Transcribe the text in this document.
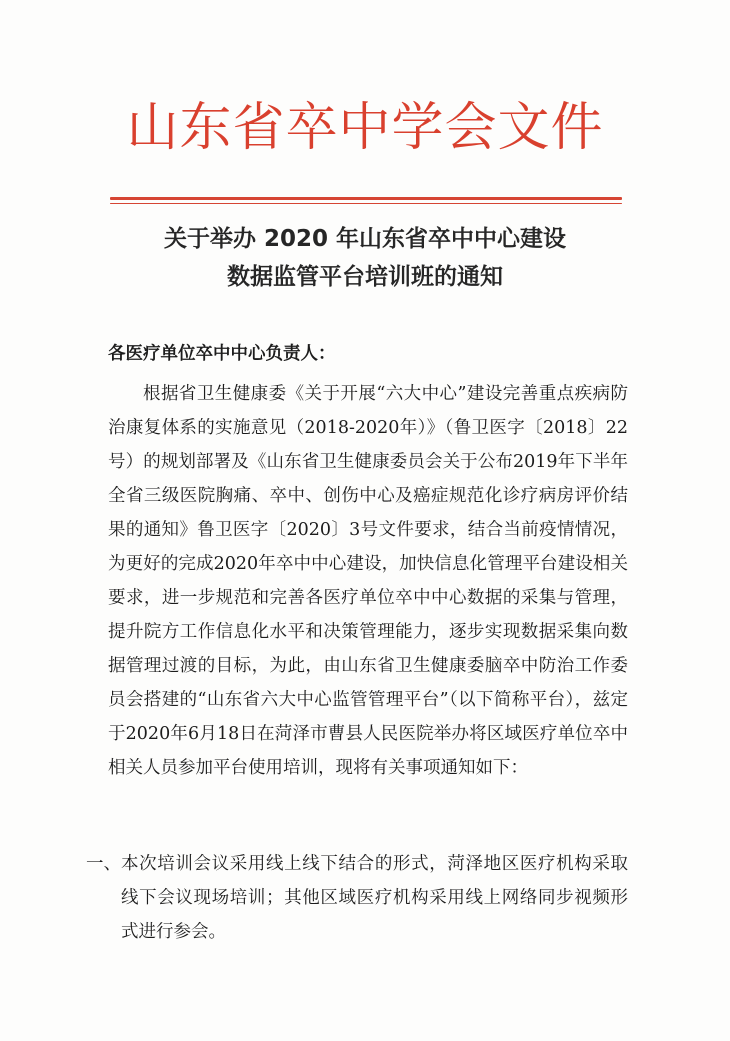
山东省卒中学会文件
关于举办 2020 年山东省卒中中心建设
数据监管平台培训班的通知
各医疗单位卒中中心负责人：

根据省卫生健康委《关于开展“六大中心”建设完善重点疾病防治康复体系的实施意见（2018-2020年）》（鲁卫医字〔2018〕22号）的规划部署及《山东省卫生健康委员会关于公布2019年下半年全省三级医院胸痛、卒中、创伤中心及癌症规范化诊疗病房评价结果的通知》鲁卫医字〔2020〕3号文件要求，结合当前疫情情况，为更好的完成2020年卒中中心建设，加快信息化管理平台建设相关要求，进一步规范和完善各医疗单位卒中中心数据的采集与管理，提升院方工作信息化水平和决策管理能力，逐步实现数据采集向数据管理过渡的目标，为此，由山东省卫生健康委脑卒中防治工作委员会搭建的“山东省六大中心监管管理平台”（以下简称平台），兹定于2020年6月18日在菏泽市曹县人民医院举办将区域医疗单位卒中相关人员参加平台使用培训，现将有关事项通知如下：

一、 本次培训会议采用线上线下结合的形式，菏泽地区医疗机构采取线下会议现场培训；其他区域医疗机构采用线上网络同步视频形式进行参会。
